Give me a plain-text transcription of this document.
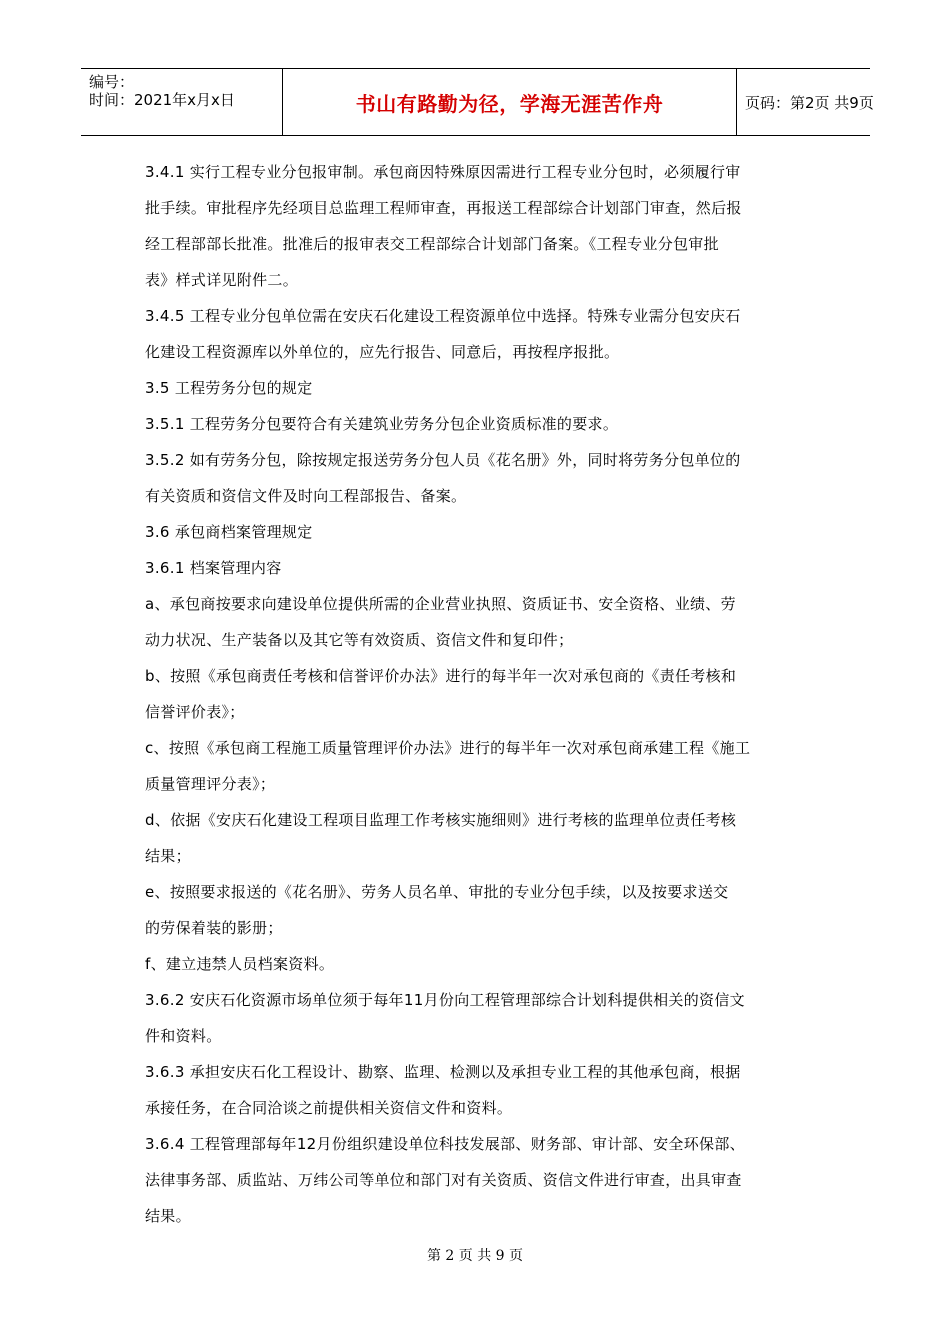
编号：
时间：2021年x月x日	书山有路勤为径，学海无涯苦作舟	页码：第2页 共9页

3.4.1 实行工程专业分包报审制。承包商因特殊原因需进行工程专业分包时，必须履行审

批手续。审批程序先经项目总监理工程师审查，再报送工程部综合计划部门审查，然后报

经工程部部长批准。批准后的报审表交工程部综合计划部门备案。《工程专业分包审批

表》样式详见附件二。

3.4.5 工程专业分包单位需在安庆石化建设工程资源单位中选择。特殊专业需分包安庆石

化建设工程资源库以外单位的，应先行报告、同意后，再按程序报批。

3.5 工程劳务分包的规定

3.5.1 工程劳务分包要符合有关建筑业劳务分包企业资质标准的要求。

3.5.2 如有劳务分包，除按规定报送劳务分包人员《花名册》外，同时将劳务分包单位的

有关资质和资信文件及时向工程部报告、备案。

3.6 承包商档案管理规定

3.6.1 档案管理内容

a、承包商按要求向建设单位提供所需的企业营业执照、资质证书、安全资格、业绩、劳

动力状况、生产装备以及其它等有效资质、资信文件和复印件；

b、按照《承包商责任考核和信誉评价办法》进行的每半年一次对承包商的《责任考核和

信誉评价表》；

c、按照《承包商工程施工质量管理评价办法》进行的每半年一次对承包商承建工程《施工

质量管理评分表》；

d、依据《安庆石化建设工程项目监理工作考核实施细则》进行考核的监理单位责任考核

结果；

e、按照要求报送的《花名册》、劳务人员名单、审批的专业分包手续，以及按要求送交

的劳保着装的影册；

f、建立违禁人员档案资料。

3.6.2 安庆石化资源市场单位须于每年11月份向工程管理部综合计划科提供相关的资信文

件和资料。

3.6.3 承担安庆石化工程设计、勘察、监理、检测以及承担专业工程的其他承包商，根据

承接任务，在合同洽谈之前提供相关资信文件和资料。

3.6.4 工程管理部每年12月份组织建设单位科技发展部、财务部、审计部、安全环保部、

法律事务部、质监站、万纬公司等单位和部门对有关资质、资信文件进行审查，出具审查

结果。

第 2 页 共 9 页
